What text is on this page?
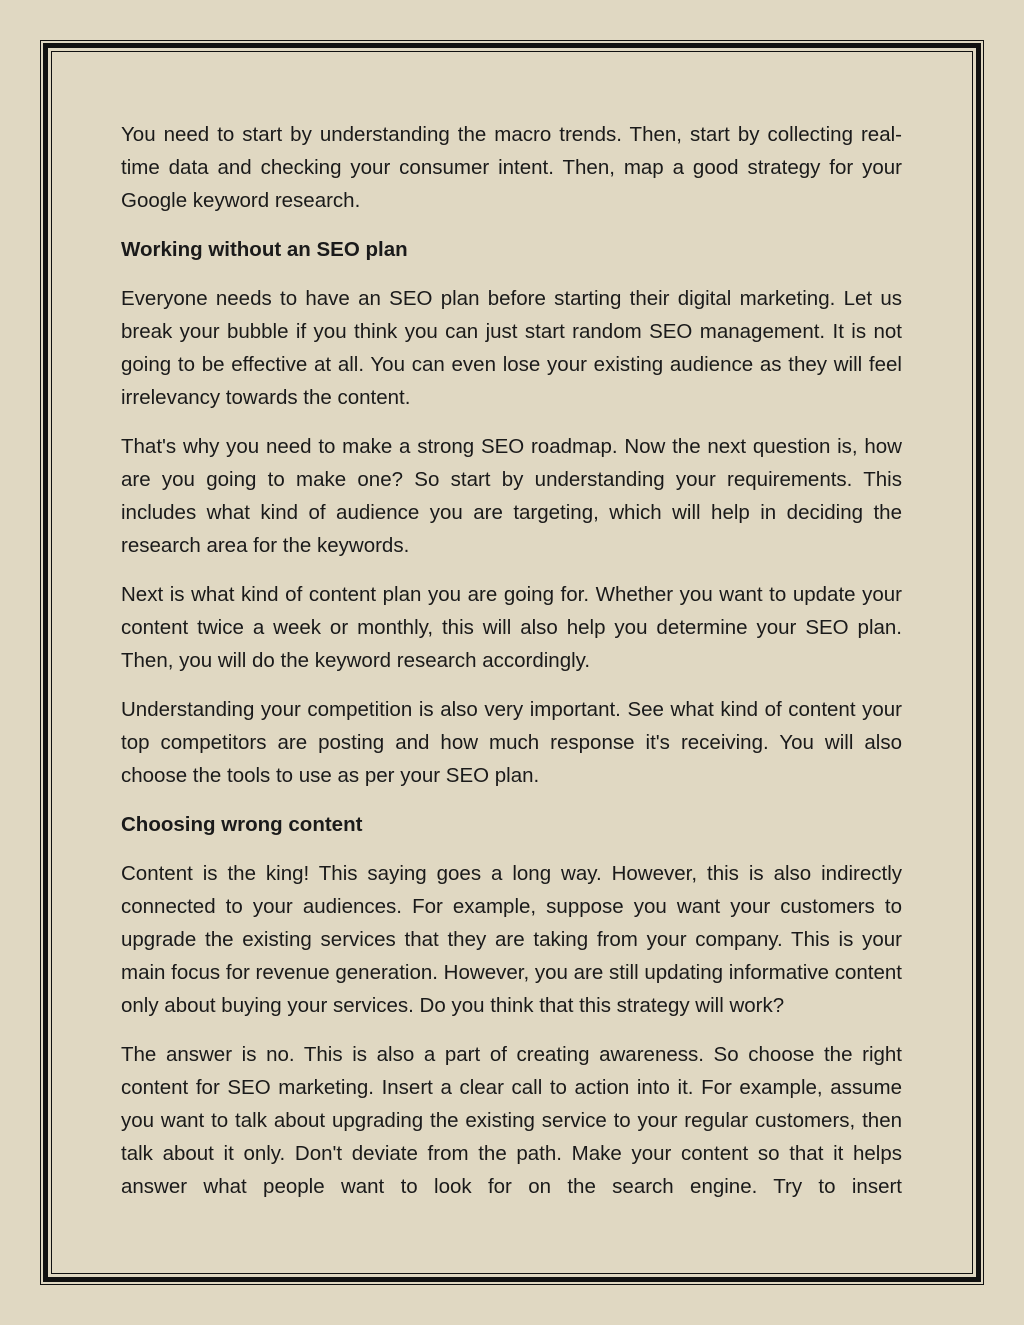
You need to start by understanding the macro trends. Then, start by collecting real-time data and checking your consumer intent. Then, map a good strategy for your Google keyword research.

Working without an SEO plan

Everyone needs to have an SEO plan before starting their digital marketing. Let us break your bubble if you think you can just start random SEO management. It is not going to be effective at all. You can even lose your existing audience as they will feel irrelevancy towards the content.

That's why you need to make a strong SEO roadmap. Now the next question is, how are you going to make one? So start by understanding your requirements. This includes what kind of audience you are targeting, which will help in deciding the research area for the keywords.

Next is what kind of content plan you are going for. Whether you want to update your content twice a week or monthly, this will also help you determine your SEO plan. Then, you will do the keyword research accordingly.

Understanding your competition is also very important. See what kind of content your top competitors are posting and how much response it's receiving. You will also choose the tools to use as per your SEO plan.

Choosing wrong content

Content is the king! This saying goes a long way. However, this is also indirectly connected to your audiences. For example, suppose you want your customers to upgrade the existing services that they are taking from your company. This is your main focus for revenue generation. However, you are still updating informative content only about buying your services. Do you think that this strategy will work?

The answer is no. This is also a part of creating awareness. So choose the right content for SEO marketing. Insert a clear call to action into it. For example, assume you want to talk about upgrading the existing service to your regular customers, then talk about it only. Don't deviate from the path. Make your content so that it helps answer what people want to look for on the search engine. Try to insert
